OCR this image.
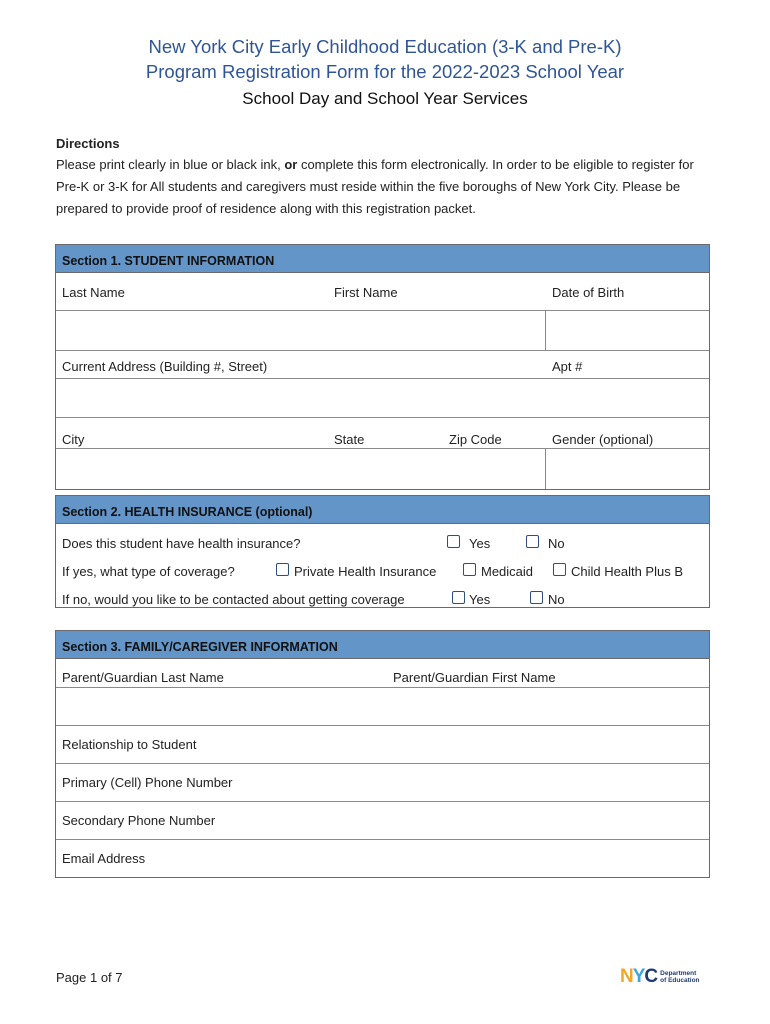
New York City Early Childhood Education (3-K and Pre-K)
Program Registration Form for the 2022-2023 School Year
School Day and School Year Services
Directions
Please print clearly in blue or black ink, or complete this form electronically. In order to be eligible to register for Pre-K or 3-K for All students and caregivers must reside within the five boroughs of New York City. Please be prepared to provide proof of residence along with this registration packet.
Section 1. STUDENT INFORMATION
Last Name	First Name	Date of Birth
Current Address (Building #, Street)	Apt #
City	State	Zip Code	Gender (optional)
Section 2. HEALTH INSURANCE (optional)
Does this student have health insurance?	Yes	No
If yes, what type of coverage?	Private Health Insurance	Medicaid	Child Health Plus B
If no, would you like to be contacted about getting coverage	Yes	No
Section 3. FAMILY/CAREGIVER INFORMATION
Parent/Guardian Last Name	Parent/Guardian First Name
Relationship to Student
Primary (Cell) Phone Number
Secondary Phone Number
Email Address
Page 1 of 7	NYC Department of Education
